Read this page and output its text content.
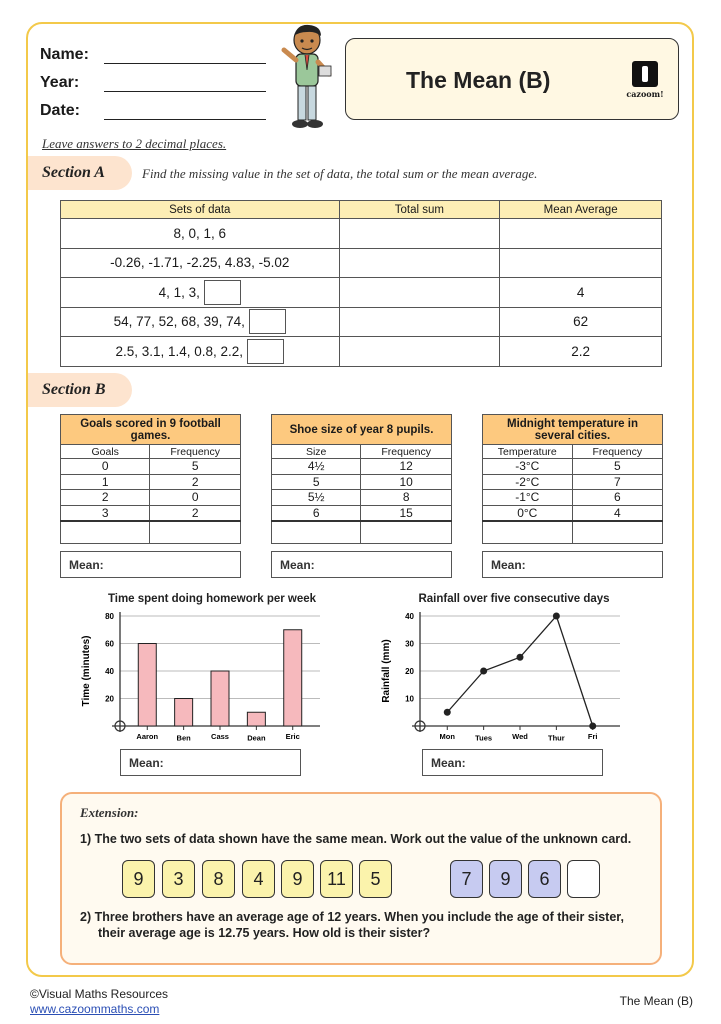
Name:
Year:
Date:
The Mean (B)
cazoom!
Leave answers to 2 decimal places.
Section A	Find the missing value in the set of data, the total sum or the mean average.
Sets of data	Total sum	Mean Average
8, 0, 1, 6		
-0.26, -1.71, -2.25, 4.83, -5.02		

4, 1, 3,		4

54, 77, 52, 68, 39, 74,		62

2.5, 3.1, 1.4, 0.8, 2.2,		2.2
Section B
Goals scored in 9 football games.	
Goals	Frequency
0	5
1	2
2	0
3	2

Shoe size of year 8 pupils.	
Size	Frequency
4½	12
5	10
5½	8
6	15

Midnight temperature in several cities.	
Temperature	Frequency
-3°C	5
-2°C	7
-1°C	6
0°C	4

Mean:	Mean:	Mean:
Time spent doing homework per week
20
40
60
80
Aaron Ben	Cass Dean	Eric
Time (minutes)
Mean:
Rainfall over five consecutive days
10
20
30
40
Mon	Tues	Wed	Thur	Fri
Rainfall (mm)
Mean:
Extension:
1) The two sets of data shown have the same mean. Work out the value of the unknown card.
9	3	8	4	9	11	5	7	9	6
2) Three brothers have an average age of 12 years. When you include the age of their sister,
their average age is 12.75 years. How old is their sister?
©Visual Maths Resources
www.cazoommaths.com
The Mean (B)
